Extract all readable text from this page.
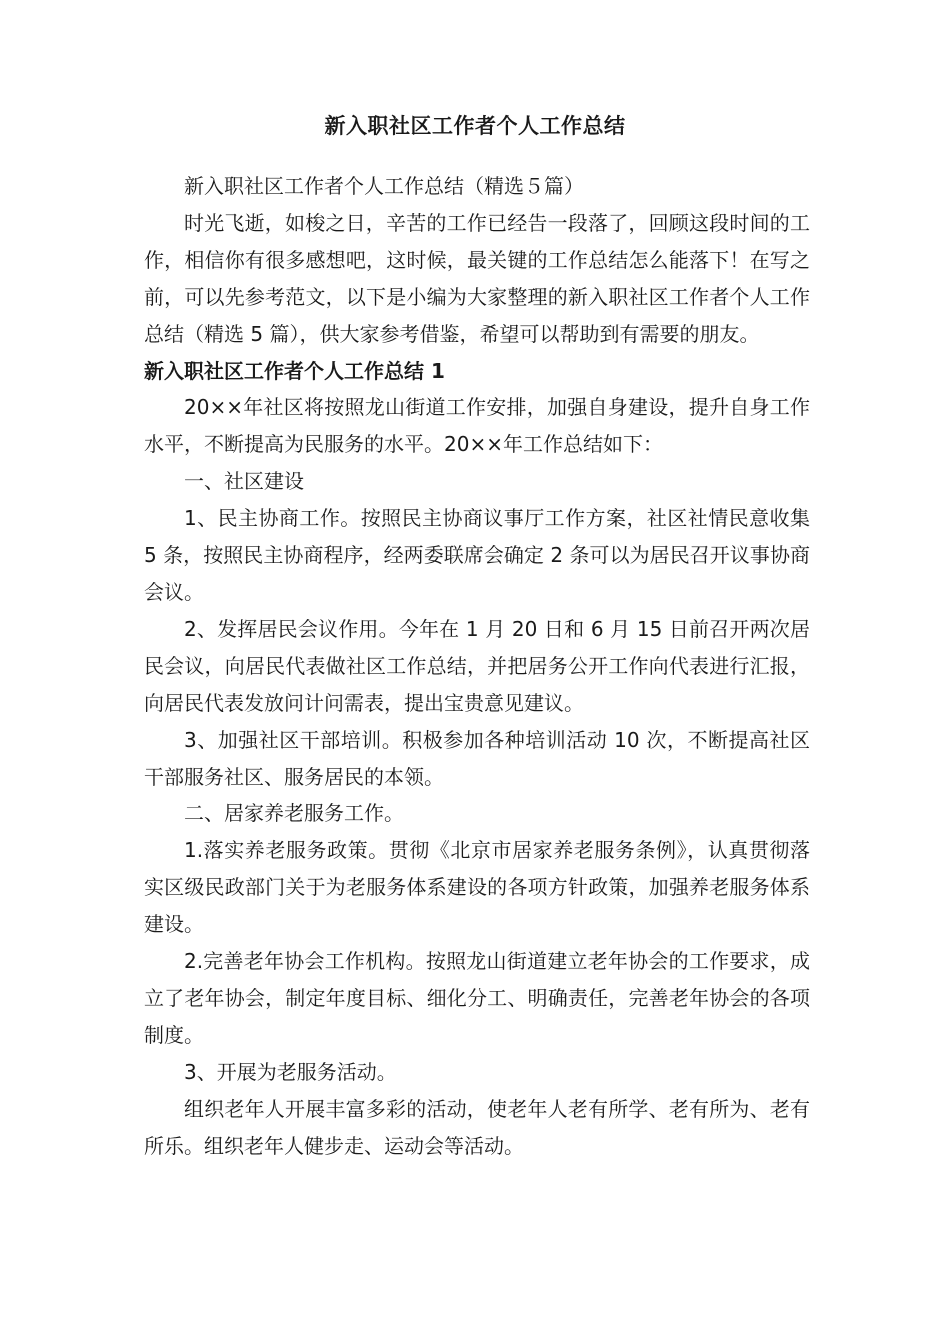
新入职社区工作者个人工作总结

新入职社区工作者个人工作总结（精选５篇）

时光飞逝，如梭之日，辛苦的工作已经告一段落了，回顾这段时间的工作，相信你有很多感想吧，这时候，最关键的工作总结怎么能落下！在写之前，可以先参考范文，以下是小编为大家整理的新入职社区工作者个人工作总结（精选 5 篇），供大家参考借鉴，希望可以帮助到有需要的朋友。

新入职社区工作者个人工作总结 1

20××年社区将按照龙山街道工作安排，加强自身建设，提升自身工作水平，不断提高为民服务的水平。20××年工作总结如下：

一、社区建设

1、民主协商工作。按照民主协商议事厅工作方案，社区社情民意收集 5 条，按照民主协商程序，经两委联席会确定 2 条可以为居民召开议事协商会议。

2、发挥居民会议作用。今年在 1 月 20 日和 6 月 15 日前召开两次居民会议，向居民代表做社区工作总结，并把居务公开工作向代表进行汇报，向居民代表发放问计问需表，提出宝贵意见建议。

3、加强社区干部培训。积极参加各种培训活动 10 次，不断提高社区干部服务社区、服务居民的本领。

二、居家养老服务工作。

1.落实养老服务政策。贯彻《北京市居家养老服务条例》，认真贯彻落实区级民政部门关于为老服务体系建设的各项方针政策，加强养老服务体系建设。

2.完善老年协会工作机构。按照龙山街道建立老年协会的工作要求，成立了老年协会，制定年度目标、细化分工、明确责任，完善老年协会的各项制度。

3、开展为老服务活动。

组织老年人开展丰富多彩的活动，使老年人老有所学、老有所为、老有所乐。组织老年人健步走、运动会等活动。
